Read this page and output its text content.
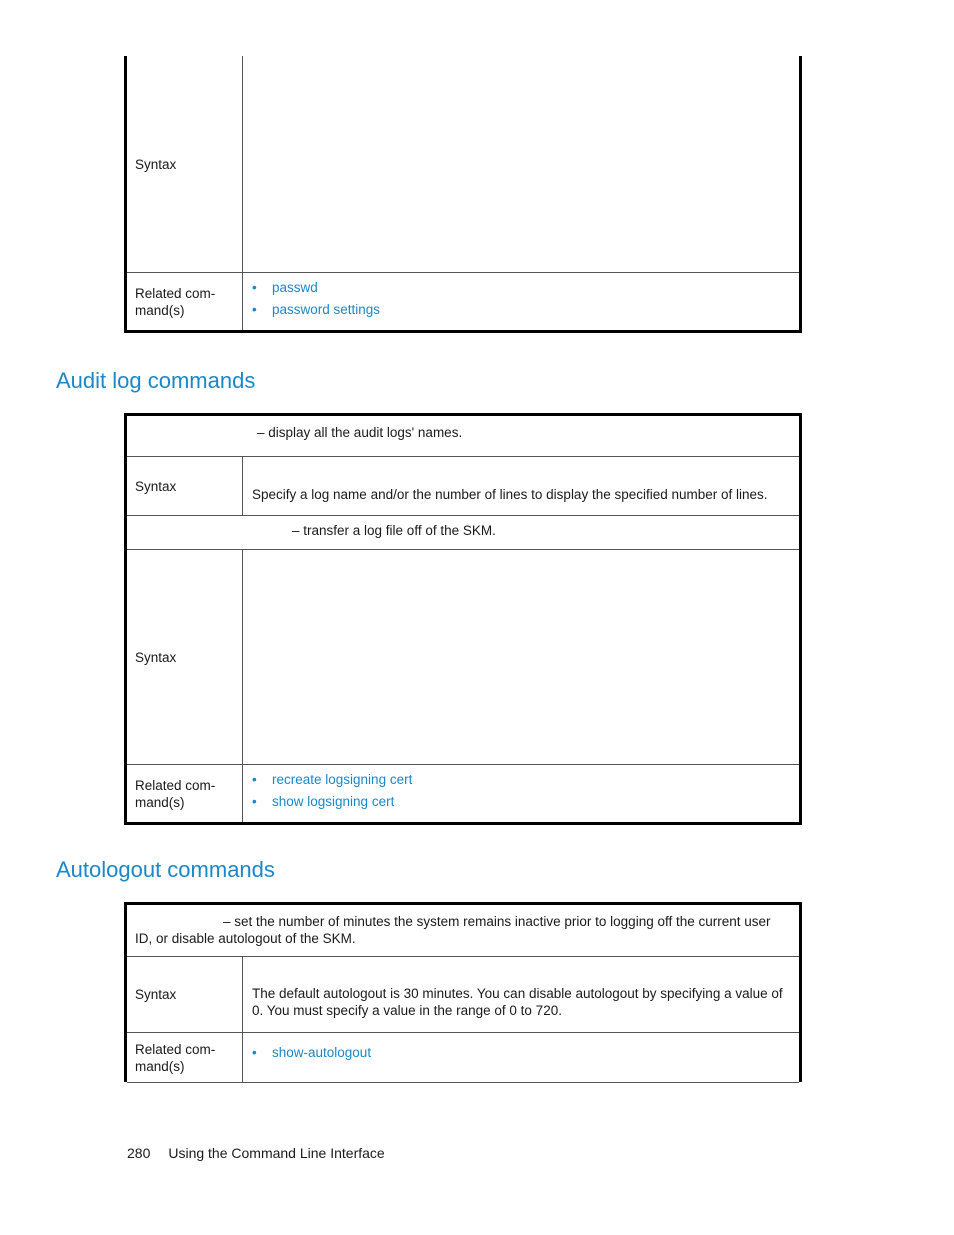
Syntax
Related com-
mand(s)
• passwd
• password settings
Audit log commands
– display all the audit logs' names.
Syntax
Specify a log name and/or the number of lines to display the specified number of lines.
– transfer a log file off of the SKM.
Syntax
Related com-
mand(s)
• recreate logsigning cert
• show logsigning cert
Autologout commands
– set the number of minutes the system remains inactive prior to logging off the current user ID, or disable autologout of the SKM.
Syntax	The default autologout is 30 minutes. You can disable autologout by specifying a value of 0. You must specify a value in the range of 0 to 720.
Related com-
mand(s)
• show-autologout
280 Using the Command Line Interface
